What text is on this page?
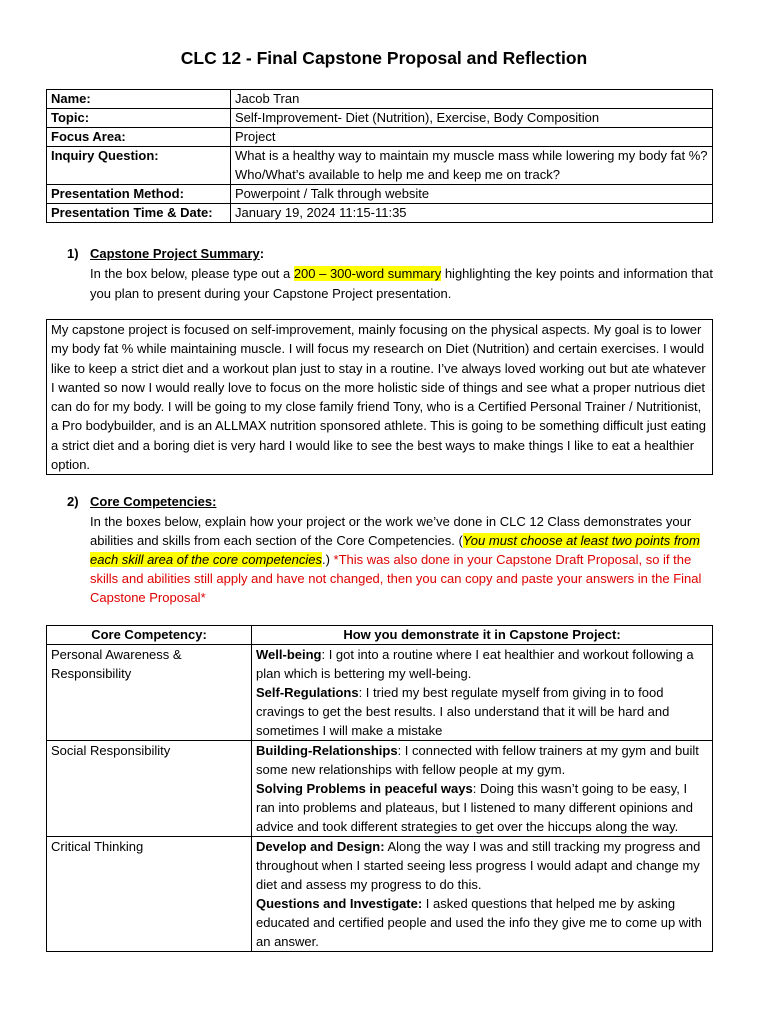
CLC 12 - Final Capstone Proposal and Reflection
Name:	Jacob Tran
Topic:	Self-Improvement- Diet (Nutrition), Exercise, Body Composition
Focus Area:	Project
Inquiry Question:	What is a healthy way to maintain my muscle mass while lowering my body fat %? Who/What’s available to help me and keep me on track?
Presentation Method:	Powerpoint / Talk through website
Presentation Time & Date:	January 19, 2024 11:15-11:35
1) Capstone Project Summary:
In the box below, please type out a 200 – 300-word summary highlighting the key points and information that you plan to present during your Capstone Project presentation.
My capstone project is focused on self-improvement, mainly focusing on the physical aspects. My goal is to lower my body fat % while maintaining muscle. I will focus my research on Diet (Nutrition) and certain exercises. I would like to keep a strict diet and a workout plan just to stay in a routine. I’ve always loved working out but ate whatever I wanted so now I would really love to focus on the more holistic side of things and see what a proper nutrious diet can do for my body. I will be going to my close family friend Tony, who is a Certified Personal Trainer / Nutritionist, a Pro bodybuilder, and is an ALLMAX nutrition sponsored athlete. This is going to be something difficult just eating a strict diet and a boring diet is very hard I would like to see the best ways to make things I like to eat a healthier option.
2) Core Competencies:
In the boxes below, explain how your project or the work we’ve done in CLC 12 Class demonstrates your abilities and skills from each section of the Core Competencies. (You must choose at least two points from each skill area of the core competencies.) *This was also done in your Capstone Draft Proposal, so if the skills and abilities still apply and have not changed, then you can copy and paste your answers in the Final Capstone Proposal*
Core Competency:	How you demonstrate it in Capstone Project:
Personal Awareness & Responsibility	Well-being: I got into a routine where I eat healthier and workout following a plan which is bettering my well-being.
Self-Regulations: I tried my best regulate myself from giving in to food cravings to get the best results. I also understand that it will be hard and sometimes I will make a mistake
Social Responsibility	Building-Relationships: I connected with fellow trainers at my gym and built some new relationships with fellow people at my gym.
Solving Problems in peaceful ways: Doing this wasn’t going to be easy, I ran into problems and plateaus, but I listened to many different opinions and advice and took different strategies to get over the hiccups along the way.
Critical Thinking	Develop and Design: Along the way I was and still tracking my progress and throughout when I started seeing less progress I would adapt and change my diet and assess my progress to do this.
Questions and Investigate: I asked questions that helped me by asking educated and certified people and used the info they give me to come up with an answer.
